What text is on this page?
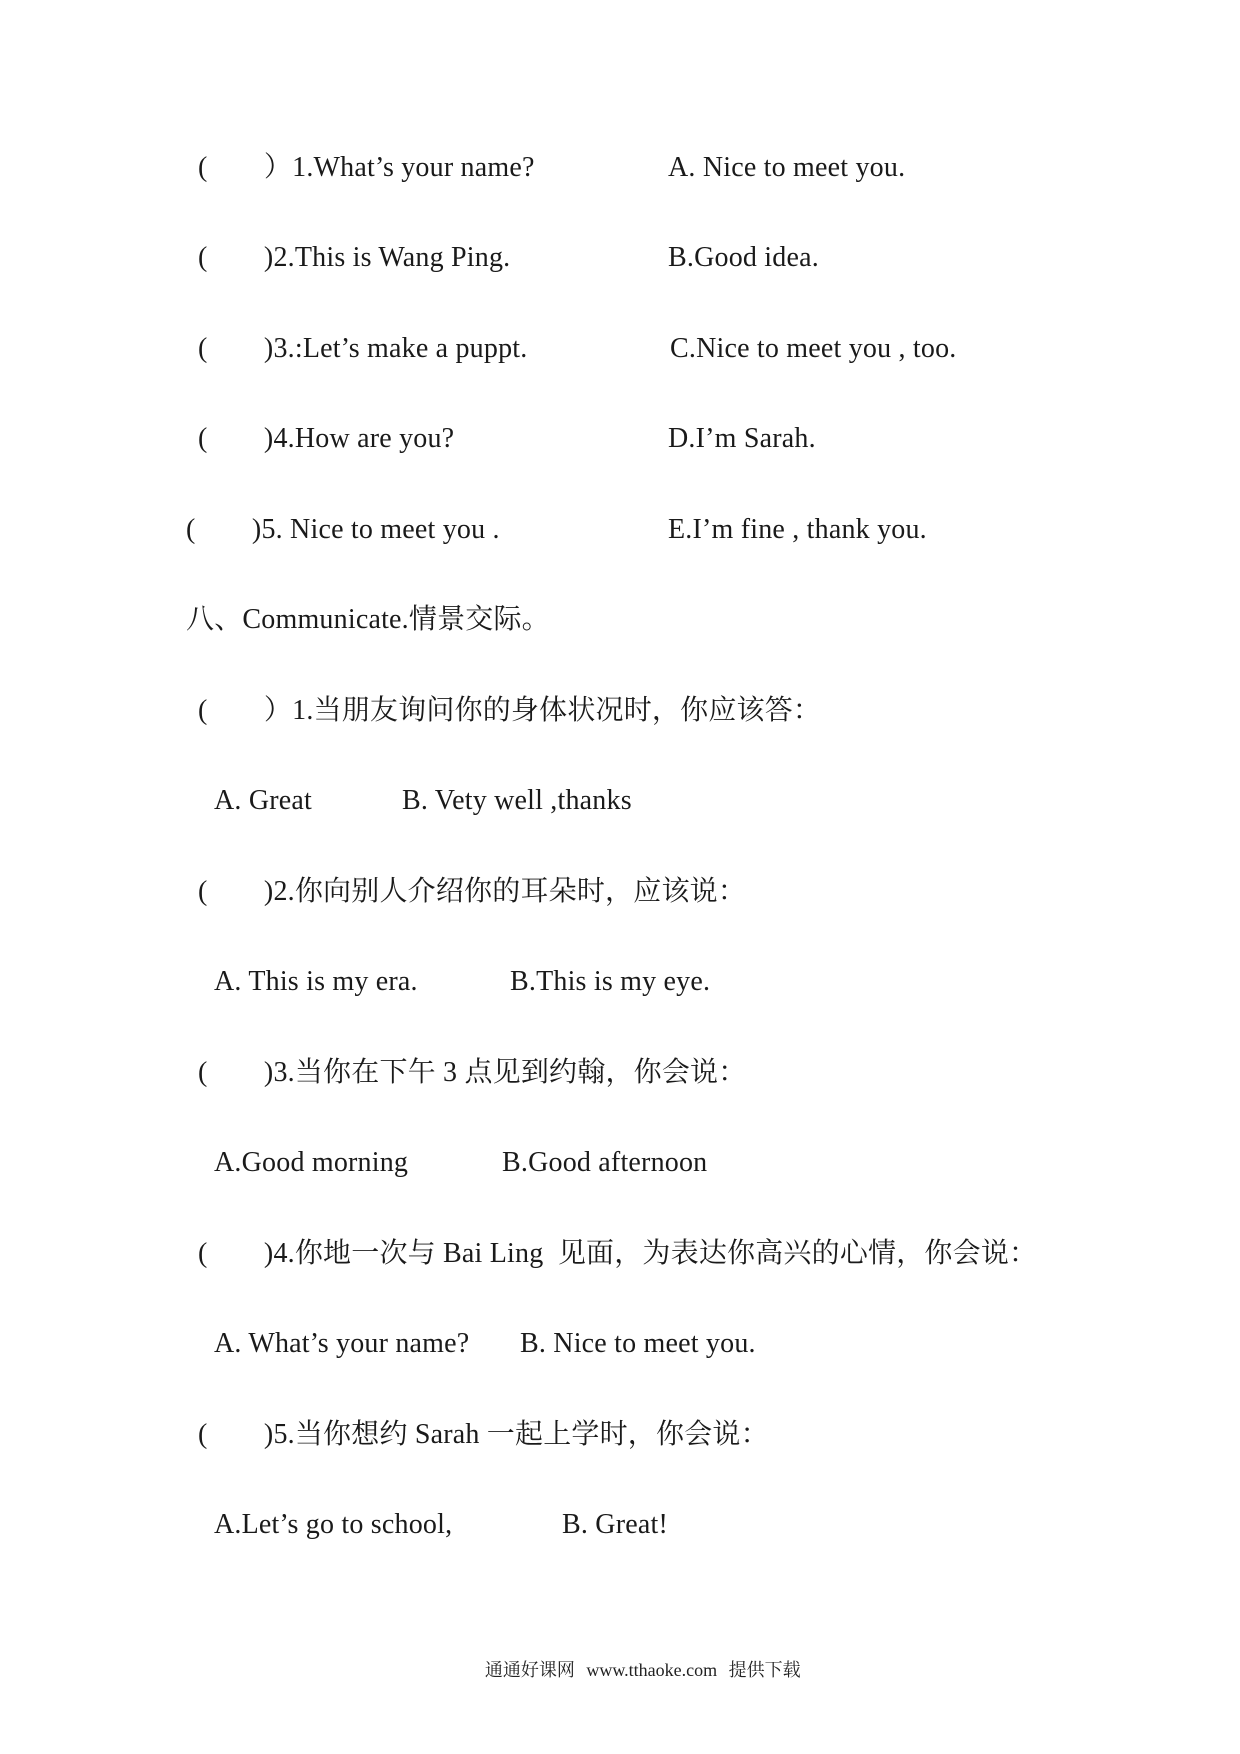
(　　）1.What’s your name?	A. Nice to meet you.
(　　)2.This is Wang Ping.	B.Good idea.
(　　)3.:Let’s make a puppt.	C.Nice to meet you , too.
(　　)4.How are you?	D.I’m Sarah.
(　　)5. Nice to meet you .	E.I’m fine , thank you.
八、Communicate.情景交际。
(　　）1.当朋友询问你的身体状况时，你应该答：
A. Great	B. Vety well ,thanks
(　　)2.你向别人介绍你的耳朵时，应该说：
A. This is my era.	B.This is my eye.
(　　)3.当你在下午 3 点见到约翰，你会说：
A.Good morning	B.Good afternoon
(　　)4.你地一次与 Bai Ling  见面，为表达你高兴的心情，你会说：
A. What’s your name? B. Nice to meet you.
(　　)5.当你想约 Sarah 一起上学时，你会说：
A.Let’s go to school,	B. Great!

通通好课网 www.tthaoke.com 提供下载
